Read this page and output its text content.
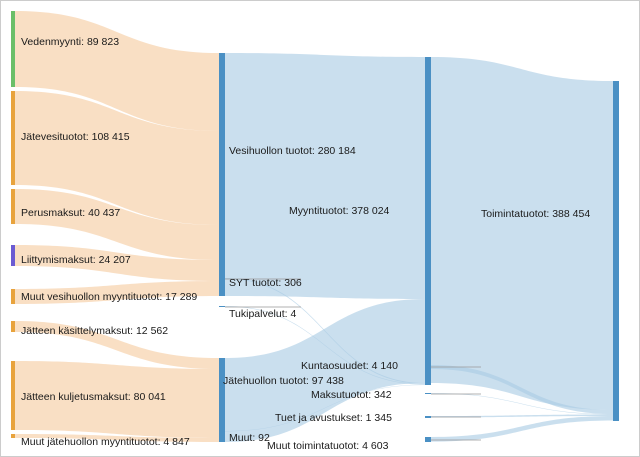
Vedenmyynti: 89 823
Jätevesituotot: 108 415
Perusmaksut: 40 437
Liittymismaksut: 24 207
Muut vesihuollon myyntituotot: 17 289
Jätteen käsittelymaksut: 12 562
Jätteen kuljetusmaksut: 80 041
Muut jätehuollon myyntituotot: 4 847
Vesihuollon tuotot: 280 184
SYT tuotot: 306
Tukipalvelut: 4
Jätehuollon tuotot: 97 438
Muut: 92
Myyntituotot: 378 024
Kuntaosuudet: 4 140
Maksutuotot: 342
Tuet ja avustukset: 1 345
Muut toimintatuotot: 4 603
Toimintatuotot: 388 454
